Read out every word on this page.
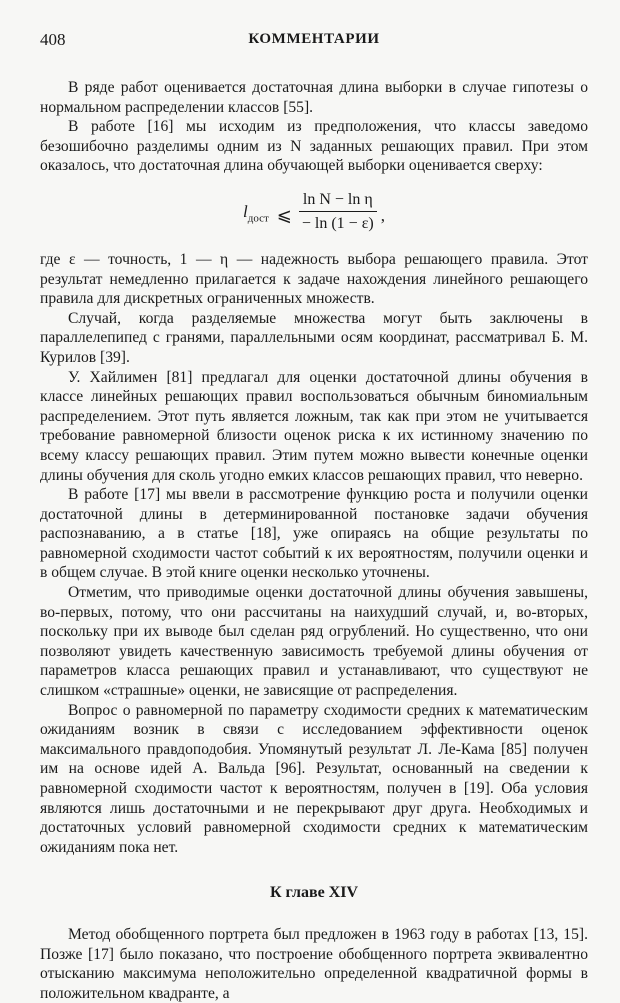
408	КОММЕНТАРИИ

В ряде работ оценивается достаточная длина выборки в случае гипотезы о нормальном распределении классов [55].

В работе [16] мы исходим из предположения, что классы заведомо безошибочно разделимы одним из N заданных решающих правил. При этом оказалось, что достаточная длина обучающей выборки оценивается сверху:

$l_{дост}$ ⩽ $\frac{\text{ln N − ln η}}{- \ln (1 - \varepsilon)}$ ,

где ε — точность, 1 — η — надежность выбора решающего правила. Этот результат немедленно прилагается к задаче нахождения линейного решающего правила для дискретных ограниченных множеств.

Случай, когда разделяемые множества могут быть заключены в параллелепипед с гранями, параллельными осям координат, рассматривал Б. М. Курилов [39].

У. Хайлимен [81] предлагал для оценки достаточной длины обучения в классе линейных решающих правил воспользоваться обычным биномиальным распределением. Этот путь является ложным, так как при этом не учитывается требование равномерной близости оценок риска к их истинному значению по всему классу решающих правил. Этим путем можно вывести конечные оценки длины обучения для сколь угодно емких классов решающих правил, что неверно.

В работе [17] мы ввели в рассмотрение функцию роста и получили оценки достаточной длины в детерминированной постановке задачи обучения распознаванию, а в статье [18], уже опираясь на общие результаты по равномерной сходимости частот событий к их вероятностям, получили оценки и в общем случае. В этой книге оценки несколько уточнены.

Отметим, что приводимые оценки достаточной длины обучения завышены, во-первых, потому, что они рассчитаны на наихудший случай, и, во-вторых, поскольку при их выводе был сделан ряд огрублений. Но существенно, что они позволяют увидеть качественную зависимость требуемой длины обучения от параметров класса решающих правил и устанавливают, что существуют не слишком «страшные» оценки, не зависящие от распределения.

Вопрос о равномерной по параметру сходимости средних к математическим ожиданиям возник в связи с исследованием эффективности оценок максимального правдоподобия. Упомянутый результат Л. Ле-Кама [85] получен им на основе идей А. Вальда [96]. Результат, основанный на сведении к равномерной сходимости частот к вероятностям, получен в [19]. Оба условия являются лишь достаточными и не перекрывают друг друга. Необходимых и достаточных условий равномерной сходимости средних к математическим ожиданиям пока нет.

К главе XIV

Метод обобщенного портрета был предложен в 1963 году в работах [13, 15]. Позже [17] было показано, что построение обобщенного портрета эквивалентно отысканию максимума неположительно определенной квадратичной формы в положительном квадранте, а
